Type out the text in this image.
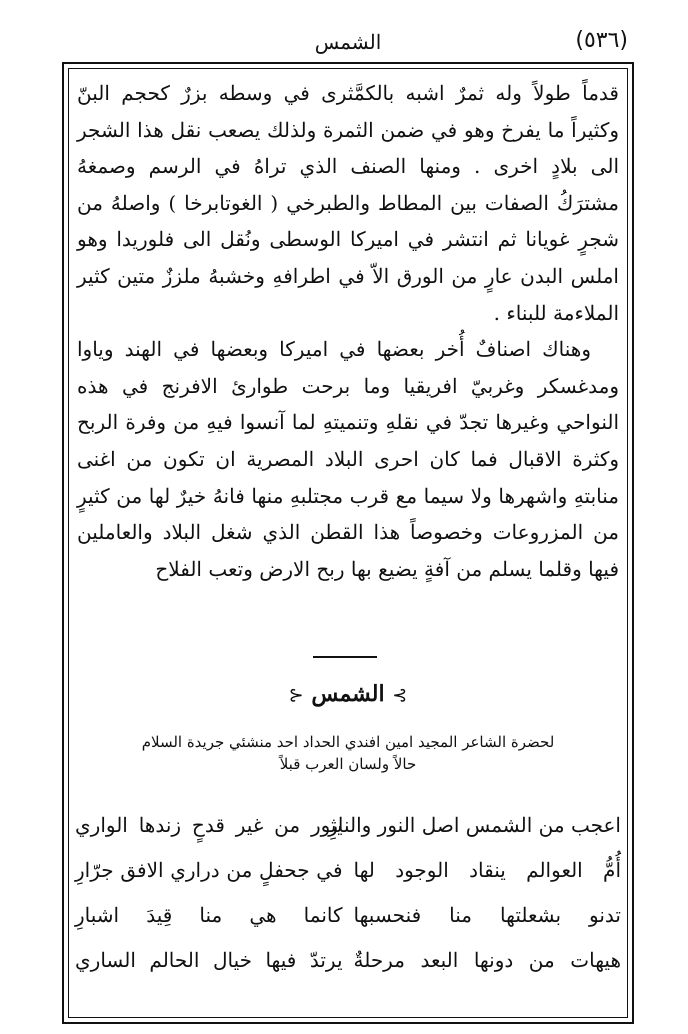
(٥٣٦)
الشمس

قدماً طولاً وله ثمرٌ اشبه بالكمَّثرى في وسطه بزرٌ كحجم البنّ وكثيراً ما يفرخ وهو في ضمن الثمرة ولذلك يصعب نقل هذا الشجر الى بلادٍ اخرى . ومنها الصنف الذي تراهُ في الرسم وصمغهُ مشترَكُ الصفات بين المطاط والطبرخي ( الغوتابرخا ) واصلهُ من شجرٍ غويانا ثم انتشر في اميركا الوسطى ونُقل الى فلوريدا وهو املس البدن عارٍ من الورق الاّ في اطرافهِ وخشبهُ ملززٌ متين كثير الملاءمة للبناء .

وهناك اصنافٌ أُخر بعضها في اميركا وبعضها في الهند وياوا ومدغسكر وغربيّ افريقيا وما برحت طوارئ الافرنج في هذه النواحي وغيرها تجدّ في نقلهِ وتنميتهِ لما آنسوا فيهِ من وفرة الربح وكثرة الاقبال فما كان احرى البلاد المصرية ان تكون من اغنى منابتهِ واشهرها ولا سيما مع قرب مجتلبهِ منها فانهُ خيرٌ لها من كثيرٍ من المزروعات وخصوصاً هذا القطن الذي شغل البلاد والعاملين فيها وقلما يسلم من آفةٍ يضيع بها ربح الارض وتعب الفلاح

⊱ الشمس ⊰
لحضرة الشاعر المجيد امين افندي الحداد احد منشئي جريدة السلام
حالاً ولسان العرب قبلاً
اعجب من الشمس اصل النور والنارِ
يثور من غير قدحٍ زندها الواري
أُمُّ العوالم ينقاد الوجود لها
في جحفلٍ من دراري الافق جرّارِ
تدنو بشعلتها منا فنحسبها
كانما هي منا قِيدَ اشبارِ
هيهات من دونها البعد مرحلةٌ
يرتدّ فيها خيال الحالم الساري
